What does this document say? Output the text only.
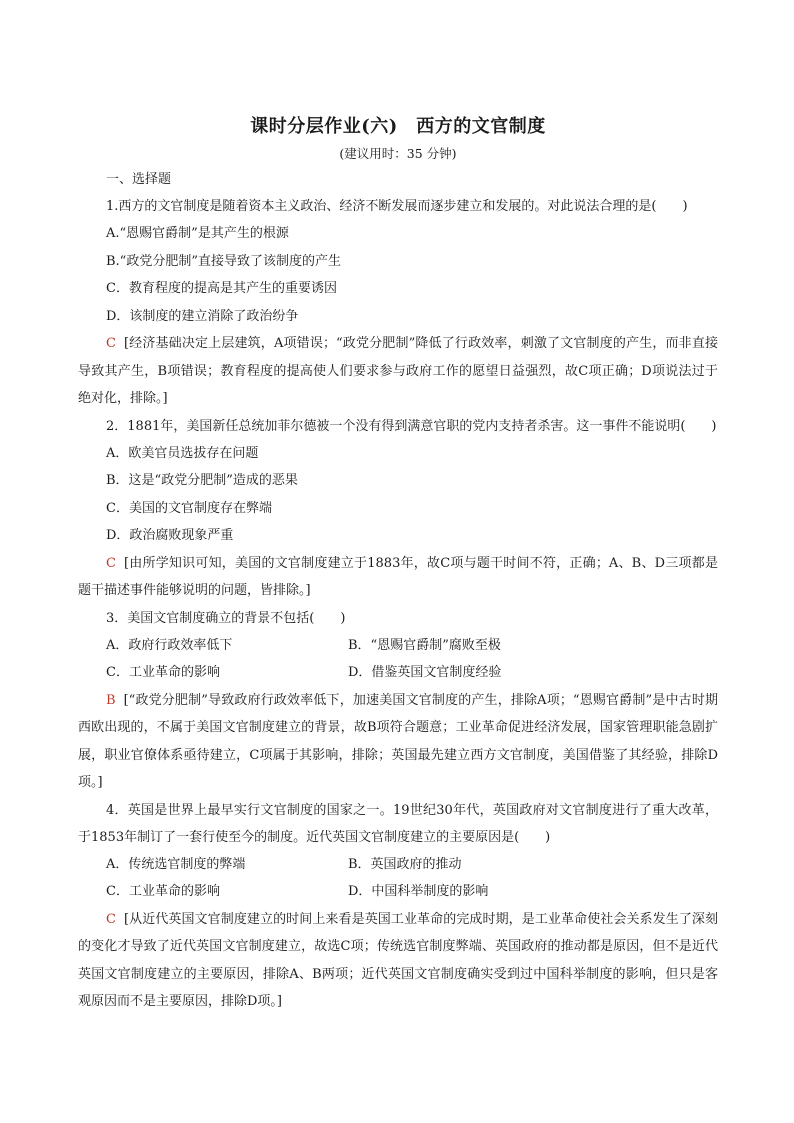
课时分层作业(六)　西方的文官制度

(建议用时：35 分钟)

一、选择题

1.西方的文官制度是随着资本主义政治、经济不断发展而逐步建立和发展的。对此说法合理的是(　　)

A.“恩赐官爵制”是其产生的根源

B.“政党分肥制”直接导致了该制度的产生

C．教育程度的提高是其产生的重要诱因

D．该制度的建立消除了政治纷争

C [经济基础决定上层建筑，A项错误；“政党分肥制”降低了行政效率，刺激了文官制度的产生，而非直接导致其产生，B项错误；教育程度的提高使人们要求参与政府工作的愿望日益强烈，故C项正确；D项说法过于绝对化，排除。]

2．1881年，美国新任总统加菲尔德被一个没有得到满意官职的党内支持者杀害。这一事件不能说明(　　)

A．欧美官员选拔存在问题

B．这是“政党分肥制”造成的恶果

C．美国的文官制度存在弊端

D．政治腐败现象严重

C [由所学知识可知，美国的文官制度建立于1883年，故C项与题干时间不符，正确；A、B、D三项都是题干描述事件能够说明的问题，皆排除。]

3．美国文官制度确立的背景不包括(　　)

A．政府行政效率低下	B．“恩赐官爵制”腐败至极
C．工业革命的影响	D．借鉴英国文官制度经验

B [“政党分肥制”导致政府行政效率低下，加速美国文官制度的产生，排除A项；“恩赐官爵制”是中古时期西欧出现的，不属于美国文官制度建立的背景，故B项符合题意；工业革命促进经济发展，国家管理职能急剧扩展，职业官僚体系亟待建立，C项属于其影响，排除；英国最先建立西方文官制度，美国借鉴了其经验，排除D项。]

4．英国是世界上最早实行文官制度的国家之一。19世纪30年代，英国政府对文官制度进行了重大改革，于1853年制订了一套行使至今的制度。近代英国文官制度建立的主要原因是(　　)

A．传统选官制度的弊端	B．英国政府的推动
C．工业革命的影响	D．中国科举制度的影响

C [从近代英国文官制度建立的时间上来看是英国工业革命的完成时期，是工业革命使社会关系发生了深刻的变化才导致了近代英国文官制度建立，故选C项；传统选官制度弊端、英国政府的推动都是原因，但不是近代英国文官制度建立的主要原因，排除A、B两项；近代英国文官制度确实受到过中国科举制度的影响，但只是客观原因而不是主要原因，排除D项。]
